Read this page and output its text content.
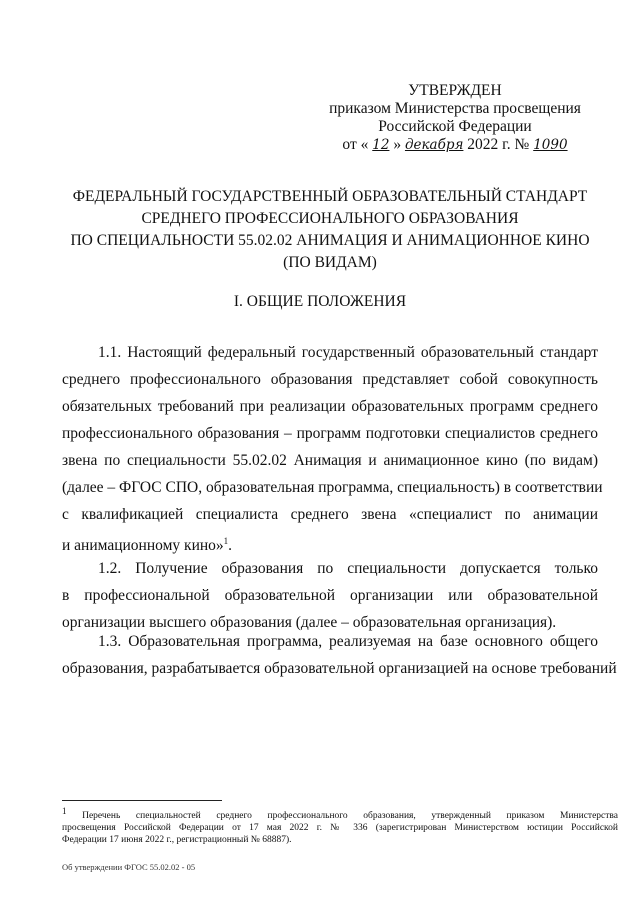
УТВЕРЖДЕН
приказом Министерства просвещения
Российской Федерации
от « 12 » декабря 2022 г. № 1090
ФЕДЕРАЛЬНЫЙ ГОСУДАРСТВЕННЫЙ ОБРАЗОВАТЕЛЬНЫЙ СТАНДАРТ
СРЕДНЕГО ПРОФЕССИОНАЛЬНОГО ОБРАЗОВАНИЯ
ПО СПЕЦИАЛЬНОСТИ 55.02.02 АНИМАЦИЯ И АНИМАЦИОННОЕ КИНО
(ПО ВИДАМ)
I. ОБЩИЕ ПОЛОЖЕНИЯ
1.1. Настоящий федеральный государственный образовательный стандарт
среднего профессионального образования представляет собой совокупность
обязательных требований при реализации образовательных программ среднего
профессионального образования – программ подготовки специалистов среднего
звена по специальности 55.02.02 Анимация и анимационное кино (по видам)
(далее – ФГОС СПО, образовательная программа, специальность) в соответствии
с квалификацией специалиста среднего звена «специалист по анимации
и анимационному кино»$^1$.
1.2. Получение образования по специальности допускается только
в профессиональной образовательной организации или образовательной
организации высшего образования (далее – образовательная организация).
1.3. Образовательная программа, реализуемая на базе основного общего
образования, разрабатывается образовательной организацией на основе требований
$^1$ Перечень специальностей среднего профессионального образования, утвержденный приказом Министерства
просвещения Российской Федерации от 17 мая 2022 г. № 336 (зарегистрирован Министерством юстиции Российской
Федерации 17 июня 2022 г., регистрационный № 68887).
Об утверждении ФГОС 55.02.02 - 05
